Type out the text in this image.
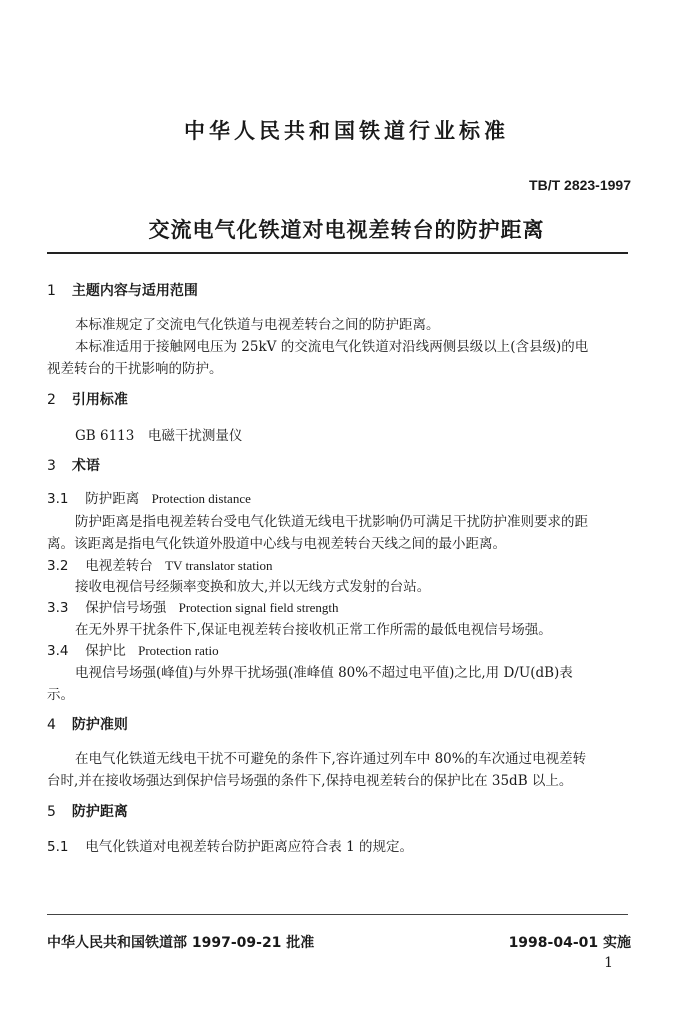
中华人民共和国铁道行业标准
TB/T 2823-1997
交流电气化铁道对电视差转台的防护距离
1 主题内容与适用范围
本标准规定了交流电气化铁道与电视差转台之间的防护距离。
本标准适用于接触网电压为 25kV 的交流电气化铁道对沿线两侧县级以上(含县级)的电
视差转台的干扰影响的防护。
2 引用标准
GB 6113　电磁干扰测量仪
3 术语
3.1 防护距离 Protection distance
防护距离是指电视差转台受电气化铁道无线电干扰影响仍可满足干扰防护准则要求的距
离。该距离是指电气化铁道外股道中心线与电视差转台天线之间的最小距离。
3.2 电视差转台 TV translator station
接收电视信号经频率变换和放大,并以无线方式发射的台站。
3.3 保护信号场强 Protection signal field strength
在无外界干扰条件下,保证电视差转台接收机正常工作所需的最低电视信号场强。
3.4 保护比 Protection ratio
电视信号场强(峰值)与外界干扰场强(准峰值 80%不超过电平值)之比,用 D/U(dB)表
示。
4 防护准则
在电气化铁道无线电干扰不可避免的条件下,容许通过列车中 80%的车次通过电视差转
台时,并在接收场强达到保护信号场强的条件下,保持电视差转台的保护比在 35dB 以上。
5 防护距离
5.1 电气化铁道对电视差转台防护距离应符合表 1 的规定。
中华人民共和国铁道部 1997-09-21 批准	1998-04-01 实施
1
